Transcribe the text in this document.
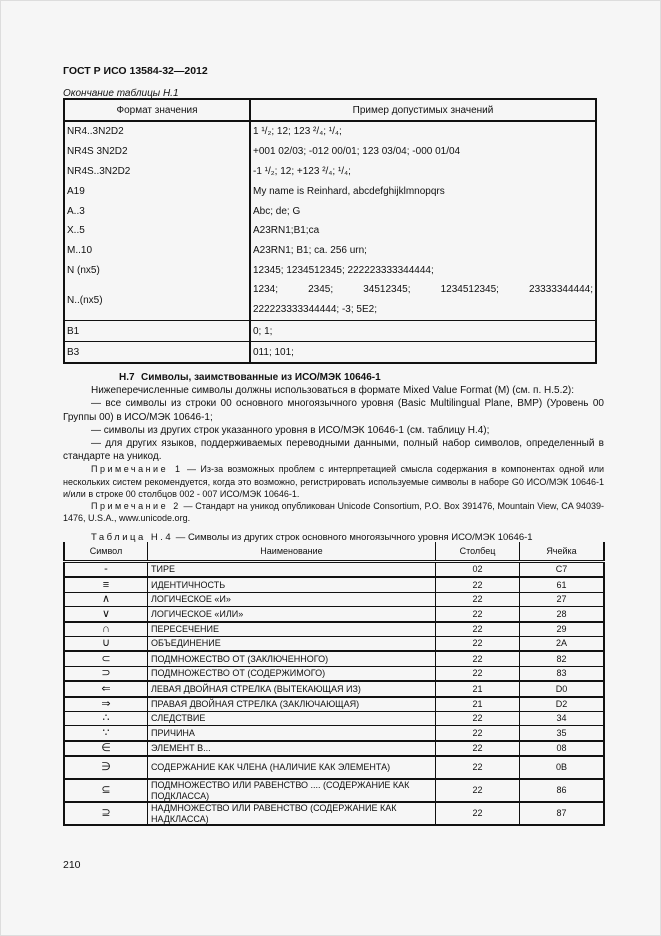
ГОСТ Р ИСО 13584-32—2012
Окончание таблицы Н.1
Формат значения	Пример допустимых значений
NR4..3N2D2	1 ¹/₂; 12; 123 ²/₄; ¹/₄;
NR4S 3N2D2	+001 02/03; -012 00/01; 123 03/04; -000 01/04
NR4S..3N2D2	-1 ¹/₂; 12; +123 ²/₄; ¹/₄;
A19	My name is Reinhard, abcdefghijklmnopqrs
A..3	Abc; de; G
X..5	A23RN1;B1;ca
M..10	A23RN1; B1; ca. 256 urn;
N (nx5)	12345; 1234512345; 222223333344444;
N..(nx5)	1234; 2345; 34512345; 1234512345; 23333344444;
222223333344444; -3; 5E2;

B1	0; 1;
B3	011; 101;

Н.7 Символы, заимствованные из ИСО/МЭК 10646-1

Нижеперечисленные символы должны использоваться в формате Mixed Value Format (M) (см. п. Н.5.2):

— все символы из строки 00 основного многоязычного уровня (Basic Multilingual Plane, BMP) (Уровень 00 Группы 00) в ИСО/МЭК 10646-1;

— символы из других строк указанного уровня в ИСО/МЭК 10646-1 (см. таблицу Н.4);

— для других языков, поддерживаемых переводными данными, полный набор символов, определенный в стандарте на уникод.

Примечание 1 — Из-за возможных проблем с интерпретацией смысла содержания в компонентах одной или нескольких систем рекомендуется, когда это возможно, регистрировать используемые символы в наборе G0 ИСО/МЭК 10646-1 и/или в строке 00 столбцов 002 - 007 ИСО/МЭК 10646-1.

Примечание 2 — Стандарт на уникод опубликован Unicode Consortium, P.O. Box 391476, Mountain View, CA 94039-1476, U.S.A., www.unicode.org.

Таблица Н.4 — Символы из других строк основного многоязычного уровня ИСО/МЭК 10646-1
Символ	Наименование	Столбец	Ячейка
-	ТИРЕ	02	C7
≡	ИДЕНТИЧНОСТЬ	22	61
∧	ЛОГИЧЕСКОЕ «И»	22	27
∨	ЛОГИЧЕСКОЕ «ИЛИ»	22	28
∩	ПЕРЕСЕЧЕНИЕ	22	29
∪	ОБЪЕДИНЕНИЕ	22	2A
⊂	ПОДМНОЖЕСТВО ОТ (ЗАКЛЮЧЕННОГО)	22	82
⊃	ПОДМНОЖЕСТВО ОТ (СОДЕРЖИМОГО)	22	83
⇐	ЛЕВАЯ ДВОЙНАЯ СТРЕЛКА (ВЫТЕКАЮЩАЯ ИЗ)	21	D0
⇒	ПРАВАЯ ДВОЙНАЯ СТРЕЛКА (ЗАКЛЮЧАЮЩАЯ)	21	D2
∴	СЛЕДСТВИЕ	22	34
∵	ПРИЧИНА	22	35
∈	ЭЛЕМЕНТ В...	22	08
∋	СОДЕРЖАНИЕ КАК ЧЛЕНА (НАЛИЧИЕ КАК ЭЛЕМЕНТА)	22	0B
⊆	ПОДМНОЖЕСТВО ИЛИ РАВЕНСТВО .... (СОДЕРЖАНИЕ КАК ПОДКЛАССА)	22	86
⊇	НАДМНОЖЕСТВО ИЛИ РАВЕНСТВО (СОДЕРЖАНИЕ КАК НАДКЛАССА)	22	87
210
